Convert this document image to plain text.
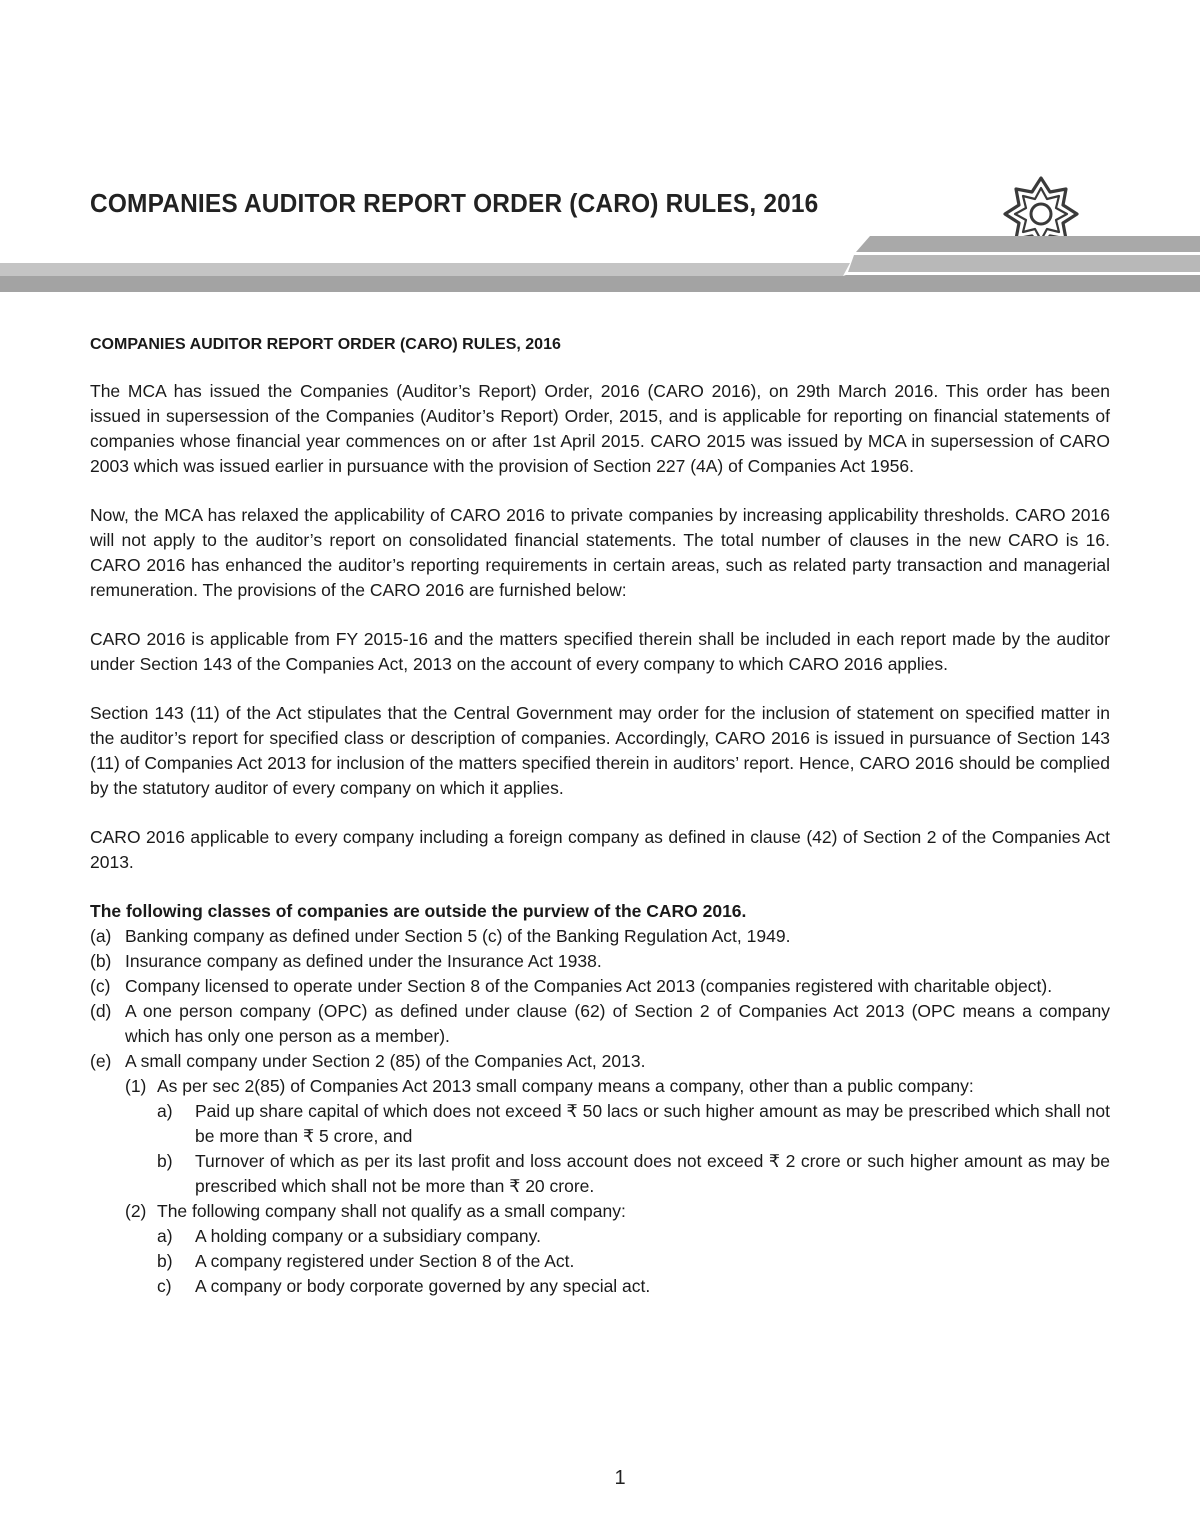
COMPANIES AUDITOR REPORT ORDER (CARO) RULES, 2016
COMPANIES AUDITOR REPORT ORDER (CARO) RULES, 2016

The MCA has issued the Companies (Auditor’s Report) Order, 2016 (CARO 2016), on 29th March 2016. This order has been issued in supersession of the Companies (Auditor’s Report) Order, 2015, and is applicable for reporting on financial statements of companies whose financial year commences on or after 1st April 2015. CARO 2015 was issued by MCA in supersession of CARO 2003 which was issued earlier in pursuance with the provision of Section 227 (4A) of Companies Act 1956.

Now, the MCA has relaxed the applicability of CARO 2016 to private companies by increasing applicability thresholds. CARO 2016 will not apply to the auditor’s report on consolidated financial statements. The total number of clauses in the new CARO is 16. CARO 2016 has enhanced the auditor’s reporting requirements in certain areas, such as related party transaction and managerial remuneration. The provisions of the CARO 2016 are furnished below:

CARO 2016 is applicable from FY 2015-16 and the matters specified therein shall be included in each report made by the auditor under Section 143 of the Companies Act, 2013 on the account of every company to which CARO 2016 applies.

Section 143 (11) of the Act stipulates that the Central Government may order for the inclusion of statement on specified matter in the auditor’s report for specified class or description of companies. Accordingly, CARO 2016 is issued in pursuance of Section 143 (11) of Companies Act 2013 for inclusion of the matters specified therein in auditors’ report. Hence, CARO 2016 should be complied by the statutory auditor of every company on which it applies.

CARO 2016 applicable to every company including a foreign company as defined in clause (42) of Section 2 of the Companies Act 2013.

The following classes of companies are outside the purview of the CARO 2016.
(a) Banking company as defined under Section 5 (c) of the Banking Regulation Act, 1949.
(b) Insurance company as defined under the Insurance Act 1938.
(c) Company licensed to operate under Section 8 of the Companies Act 2013 (companies registered with charitable object).
(d) A one person company (OPC) as defined under clause (62) of Section 2 of Companies Act 2013 (OPC means a company which has only one person as a member).
(e) A small company under Section 2 (85) of the Companies Act, 2013.
(1) As per sec 2(85) of Companies Act 2013 small company means a company, other than a public company:
a)	Paid up share capital of which does not exceed ₹ 50 lacs or such higher amount as may be prescribed which shall not be more than ₹ 5 crore, and
b)	Turnover of which as per its last profit and loss account does not exceed ₹ 2 crore or such higher amount as may be prescribed which shall not be more than ₹ 20 crore.
(2) The following company shall not qualify as a small company:
a)	A holding company or a subsidiary company.
b)	A company registered under Section 8 of the Act.
c)	A company or body corporate governed by any special act.
1
